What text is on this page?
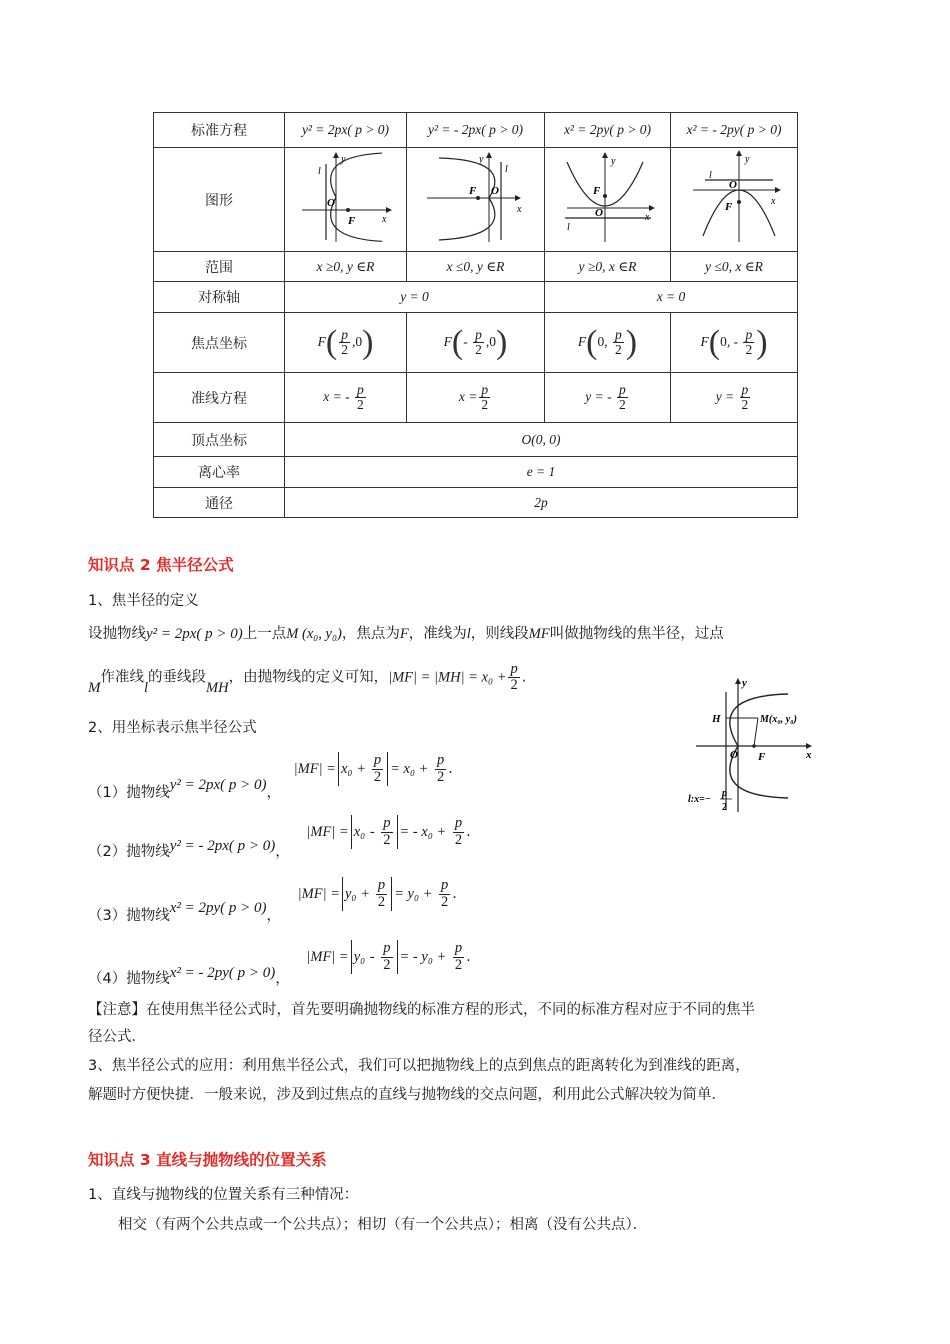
标准方程	y² = 2px( p > 0)	y² = - 2px( p > 0)	x² = 2py( p > 0)	x² = - 2py( p > 0)
图形	l
y
O
F x	l
y
O
F
x	y
F
O
l
x	y
l
O
F x

范围	x ≥0, y ∈R	x ≤0, y ∈R	y ≥0, x ∈R	y ≤0, x ∈R
对称轴	y = 0		x = 0	
焦点坐标	$F( \frac{p}{2} ,0)$	$F(- \frac{p}{2} ,0)$	F(0, $\frac{p}{2}$ )	F(0, - $\frac{p}{2}$ )
准线方程	x = - $\frac{p}{2}$	$x = \frac{p}{2}$	y = - $\frac{p}{2}$	$y = \frac{p}{2}$

顶点坐标	O(0, 0)			
离心率	e = 1			
通径	2p			
知识点 2 焦半径公式
1、焦半径的定义
设抛物线y² = 2px( p > 0)上一点M (x₀, y₀)，焦点为F，准线为l，则线段MF叫做抛物线的焦半径，过点
M作准线l的垂线段MH，由抛物线的定义可知，$|MF| = |MH| = x_0 + \frac{p}{2}$ .	y
x
H
O F
M(x₀, y₀)
l:x=−
p
2
2、用坐标表示焦半径公式
（1）抛物线y² = 2px( p > 0)， $|MF| = x_0 + \frac{p}{2} = x_0 + \frac{p}{2}$ .
（2）抛物线y² = - 2px( p > 0)， $|MF| = x_0 - \frac{p}{2}$ = - $x_0 + \frac{p}{2}$ .
（3）抛物线x² = 2py( p > 0)， $|MF| = y_0 + \frac{p}{2} = y_0 + \frac{p}{2}$ .
（4）抛物线x² = - 2py( p > 0)， $|MF| = y_0 - \frac{p}{2}$ = - $y_0 + \frac{p}{2}$ .
【注意】在使用焦半径公式时，首先要明确抛物线的标准方程的形式，不同的标准方程对应于不同的焦半
径公式．
3、焦半径公式的应用：利用焦半径公式，我们可以把抛物线上的点到焦点的距离转化为到准线的距离，
解题时方便快捷．一般来说，涉及到过焦点的直线与抛物线的交点问题，利用此公式解决较为简单．
知识点 3 直线与抛物线的位置关系
1、直线与抛物线的位置关系有三种情况：
相交（有两个公共点或一个公共点）；相切（有一个公共点）；相离（没有公共点）．
